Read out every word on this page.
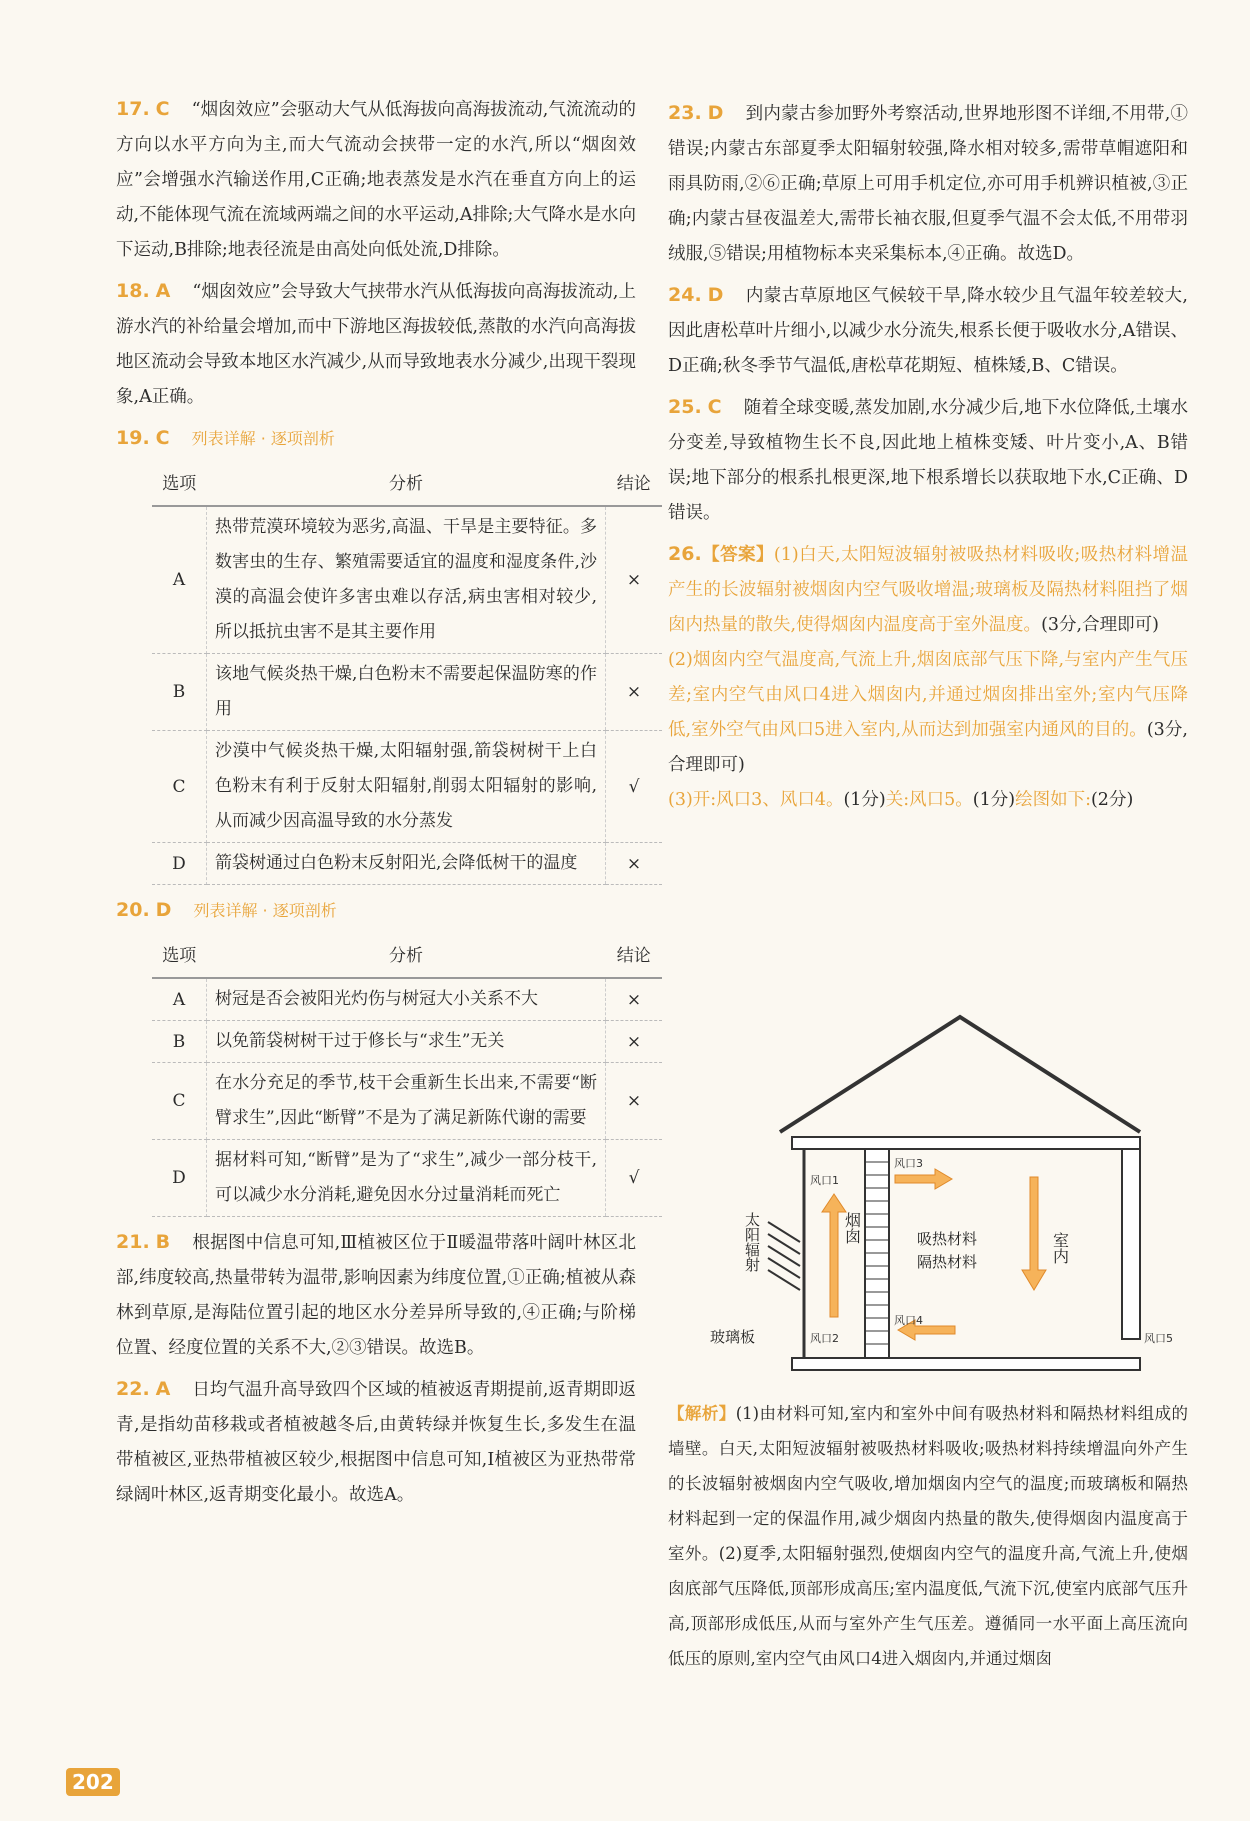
17. C “烟囱效应”会驱动大气从低海拔向高海拔流动,气流流动的方向以水平方向为主,而大气流动会挟带一定的水汽,所以“烟囱效应”会增强水汽输送作用,C正确;地表蒸发是水汽在垂直方向上的运动,不能体现气流在流域两端之间的水平运动,A排除;大气降水是水向下运动,B排除;地表径流是由高处向低处流,D排除。

18. A “烟囱效应”会导致大气挟带水汽从低海拔向高海拔流动,上游水汽的补给量会增加,而中下游地区海拔较低,蒸散的水汽向高海拔地区流动会导致本地区水汽减少,从而导致地表水分减少,出现干裂现象,A正确。

19. C 列表详解 · 逐项剖析
选项	分析	结论
A	热带荒漠环境较为恶劣,高温、干旱是主要特征。多数害虫的生存、繁殖需要适宜的温度和湿度条件,沙漠的高温会使许多害虫难以存活,病虫害相对较少,所以抵抗虫害不是其主要作用	×
B	该地气候炎热干燥,白色粉末不需要起保温防寒的作用	×
C	沙漠中气候炎热干燥,太阳辐射强,箭袋树树干上白色粉末有利于反射太阳辐射,削弱太阳辐射的影响,从而减少因高温导致的水分蒸发	√
D	箭袋树通过白色粉末反射阳光,会降低树干的温度	×
20. D 列表详解 · 逐项剖析
选项	分析	结论
A	树冠是否会被阳光灼伤与树冠大小关系不大	×
B	以免箭袋树树干过于修长与“求生”无关	×
C	在水分充足的季节,枝干会重新生长出来,不需要“断臂求生”,因此“断臂”不是为了满足新陈代谢的需要	×
D	据材料可知,“断臂”是为了“求生”,减少一部分枝干,可以减少水分消耗,避免因水分过量消耗而死亡	√

21. B 根据图中信息可知,Ⅲ植被区位于Ⅱ暖温带落叶阔叶林区北部,纬度较高,热量带转为温带,影响因素为纬度位置,①正确;植被从森林到草原,是海陆位置引起的地区水分差异所导致的,④正确;与阶梯位置、经度位置的关系不大,②③错误。故选B。

22. A 日均气温升高导致四个区域的植被返青期提前,返青期即返青,是指幼苗移栽或者植被越冬后,由黄转绿并恢复生长,多发生在温带植被区,亚热带植被区较少,根据图中信息可知,Ⅰ植被区为亚热带常绿阔叶林区,返青期变化最小。故选A。

23. D 到内蒙古参加野外考察活动,世界地形图不详细,不用带,①错误;内蒙古东部夏季太阳辐射较强,降水相对较多,需带草帽遮阳和雨具防雨,②⑥正确;草原上可用手机定位,亦可用手机辨识植被,③正确;内蒙古昼夜温差大,需带长袖衣服,但夏季气温不会太低,不用带羽绒服,⑤错误;用植物标本夹采集标本,④正确。故选D。

24. D 内蒙古草原地区气候较干旱,降水较少且气温年较差较大,因此唐松草叶片细小,以减少水分流失,根系长便于吸收水分,A错误、D正确;秋冬季节气温低,唐松草花期短、植株矮,B、C错误。

25. C 随着全球变暖,蒸发加剧,水分减少后,地下水位降低,土壤水分变差,导致植物生长不良,因此地上植株变矮、叶片变小,A、B错误;地下部分的根系扎根更深,地下根系增长以获取地下水,C正确、D错误。

26.【答案】(1)白天,太阳短波辐射被吸热材料吸收;吸热材料增温产生的长波辐射被烟囱内空气吸收增温;玻璃板及隔热材料阻挡了烟囱内热量的散失,使得烟囱内温度高于室外温度。(3分,合理即可)
(2)烟囱内空气温度高,气流上升,烟囱底部气压下降,与室内产生气压差;室内空气由风口4进入烟囱内,并通过烟囱排出室外;室内气压降低,室外空气由风口5进入室内,从而达到加强室内通风的目的。(3分,合理即可)
(3)开:风口3、风口4。(1分)关:风口5。(1分)绘图如下:(2分)

风口1
风口2
风口3
风口4
风口5
吸热材料
隔热材料
烟囱
室内
太阳辐射
玻璃板

【解析】(1)由材料可知,室内和室外中间有吸热材料和隔热材料组成的墙壁。白天,太阳短波辐射被吸热材料吸收;吸热材料持续增温向外产生的长波辐射被烟囱内空气吸收,增加烟囱内空气的温度;而玻璃板和隔热材料起到一定的保温作用,减少烟囱内热量的散失,使得烟囱内温度高于室外。(2)夏季,太阳辐射强烈,使烟囱内空气的温度升高,气流上升,使烟囱底部气压降低,顶部形成高压;室内温度低,气流下沉,使室内底部气压升高,顶部形成低压,从而与室外产生气压差。遵循同一水平面上高压流向低压的原则,室内空气由风口4进入烟囱内,并通过烟囱

202
